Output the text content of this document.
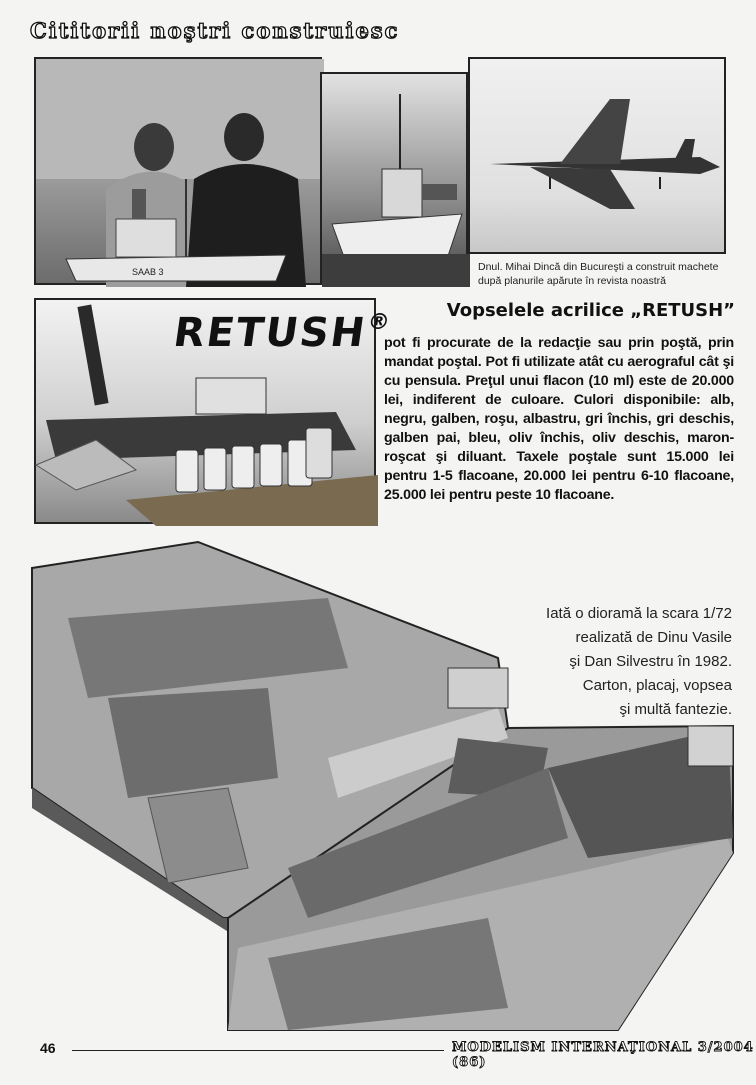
Cititorii noştri construiesc
SAAB 3	Dnul. Mihai Dincă din Bucureşti a construit machete după planurile apărute în revista noastră
RETUSH®	Vopselele acrilice „RETUSH”
pot fi procurate de la redacţie sau prin poştă, prin mandat poştal. Pot fi utilizate atât cu aerograful cât şi cu pensula. Preţul unui flacon (10 ml) este de 20.000 lei, indiferent de culoare. Culori disponibile: alb, negru, galben, roşu, albastru, gri închis, gri deschis, galben pai, bleu, oliv închis, oliv deschis, maron-roşcat şi diluant. Taxele poştale sunt 15.000 lei pentru 1-5 flacoane, 20.000 lei pentru 6-10 flacoane, 25.000 lei pentru peste 10 flacoane.
Iată o dioramă la scara 1/72
realizată de Dinu Vasile
şi Dan Silvestru în 1982.
Carton, placaj, vopsea
şi multă fantezie.
46	MODELISM INTERNAŢIONAL 3/2004 (86)
